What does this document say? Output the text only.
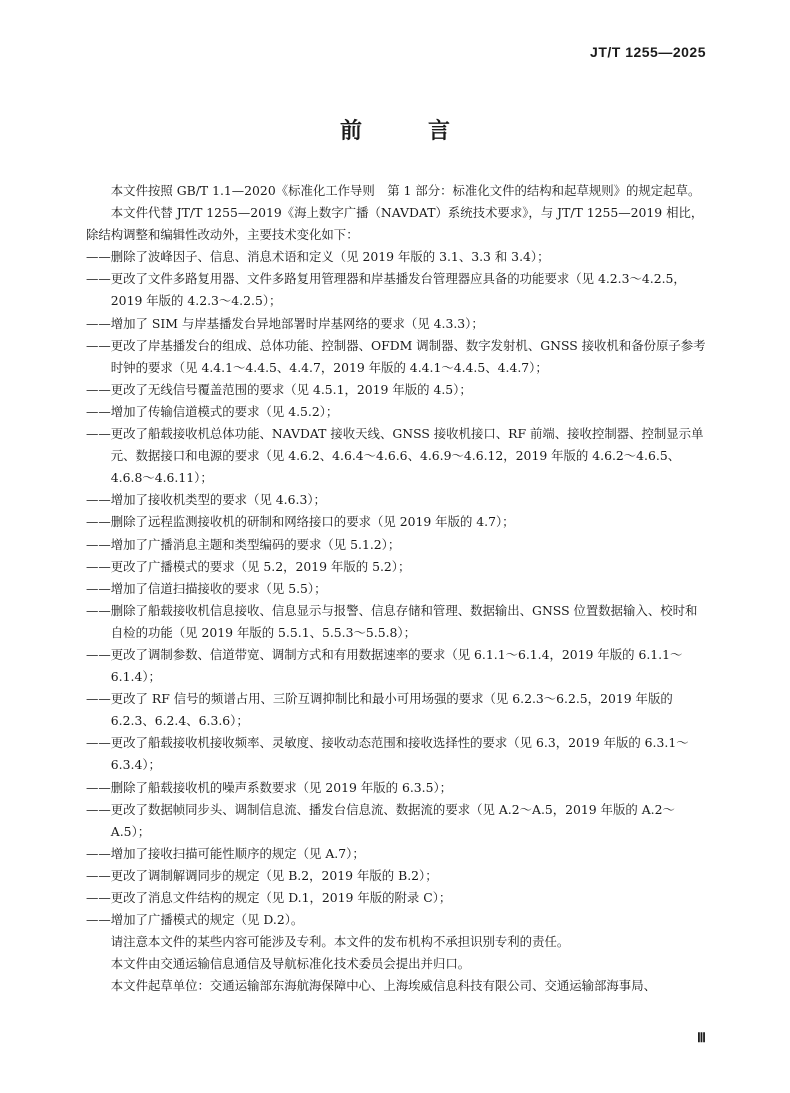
JT/T 1255—2025
前　言

本文件按照 GB/T 1.1—2020《标准化工作导则　第 1 部分：标准化文件的结构和起草规则》的规定起草。

本文件代替 JT/T 1255—2019《海上数字广播（NAVDAT）系统技术要求》，与 JT/T 1255—2019 相比，除结构调整和编辑性改动外，主要技术变化如下：

—— 删除了波峰因子、信息、消息术语和定义（见 2019 年版的 3.1、3.3 和 3.4）；

—— 更改了文件多路复用器、文件多路复用管理器和岸基播发台管理器应具备的功能要求（见 4.2.3～4.2.5，2019 年版的 4.2.3～4.2.5）；

—— 增加了 SIM 与岸基播发台异地部署时岸基网络的要求（见 4.3.3）；

—— 更改了岸基播发台的组成、总体功能、控制器、OFDM 调制器、数字发射机、GNSS 接收机和备份原子参考时钟的要求（见 4.4.1～4.4.5、4.4.7，2019 年版的 4.4.1～4.4.5、4.4.7）；

—— 更改了无线信号覆盖范围的要求（见 4.5.1，2019 年版的 4.5）；

—— 增加了传输信道模式的要求（见 4.5.2）；

—— 更改了船载接收机总体功能、NAVDAT 接收天线、GNSS 接收机接口、RF 前端、接收控制器、控制显示单元、数据接口和电源的要求（见 4.6.2、4.6.4～4.6.6、4.6.9～4.6.12，2019 年版的 4.6.2～4.6.5、4.6.8～4.6.11）；

—— 增加了接收机类型的要求（见 4.6.3）；

—— 删除了远程监测接收机的研制和网络接口的要求（见 2019 年版的 4.7）；

—— 增加了广播消息主题和类型编码的要求（见 5.1.2）；

—— 更改了广播模式的要求（见 5.2，2019 年版的 5.2）；

—— 增加了信道扫描接收的要求（见 5.5）；

—— 删除了船载接收机信息接收、信息显示与报警、信息存储和管理、数据输出、GNSS 位置数据输入、校时和自检的功能（见 2019 年版的 5.5.1、5.5.3～5.5.8）；

—— 更改了调制参数、信道带宽、调制方式和有用数据速率的要求（见 6.1.1～6.1.4，2019 年版的 6.1.1～6.1.4）；

—— 更改了 RF 信号的频谱占用、三阶互调抑制比和最小可用场强的要求（见 6.2.3～6.2.5，2019 年版的 6.2.3、6.2.4、6.3.6）；

—— 更改了船载接收机接收频率、灵敏度、接收动态范围和接收选择性的要求（见 6.3，2019 年版的 6.3.1～6.3.4）；

—— 删除了船载接收机的噪声系数要求（见 2019 年版的 6.3.5）；

—— 更改了数据帧同步头、调制信息流、播发台信息流、数据流的要求（见 A.2～A.5，2019 年版的 A.2～A.5）；

—— 增加了接收扫描可能性顺序的规定（见 A.7）；

—— 更改了调制解调同步的规定（见 B.2，2019 年版的 B.2）；

—— 更改了消息文件结构的规定（见 D.1，2019 年版的附录 C）；

—— 增加了广播模式的规定（见 D.2）。

请注意本文件的某些内容可能涉及专利。本文件的发布机构不承担识别专利的责任。

本文件由交通运输信息通信及导航标准化技术委员会提出并归口。

本文件起草单位：交通运输部东海航海保障中心、上海埃威信息科技有限公司、交通运输部海事局、

Ⅲ
